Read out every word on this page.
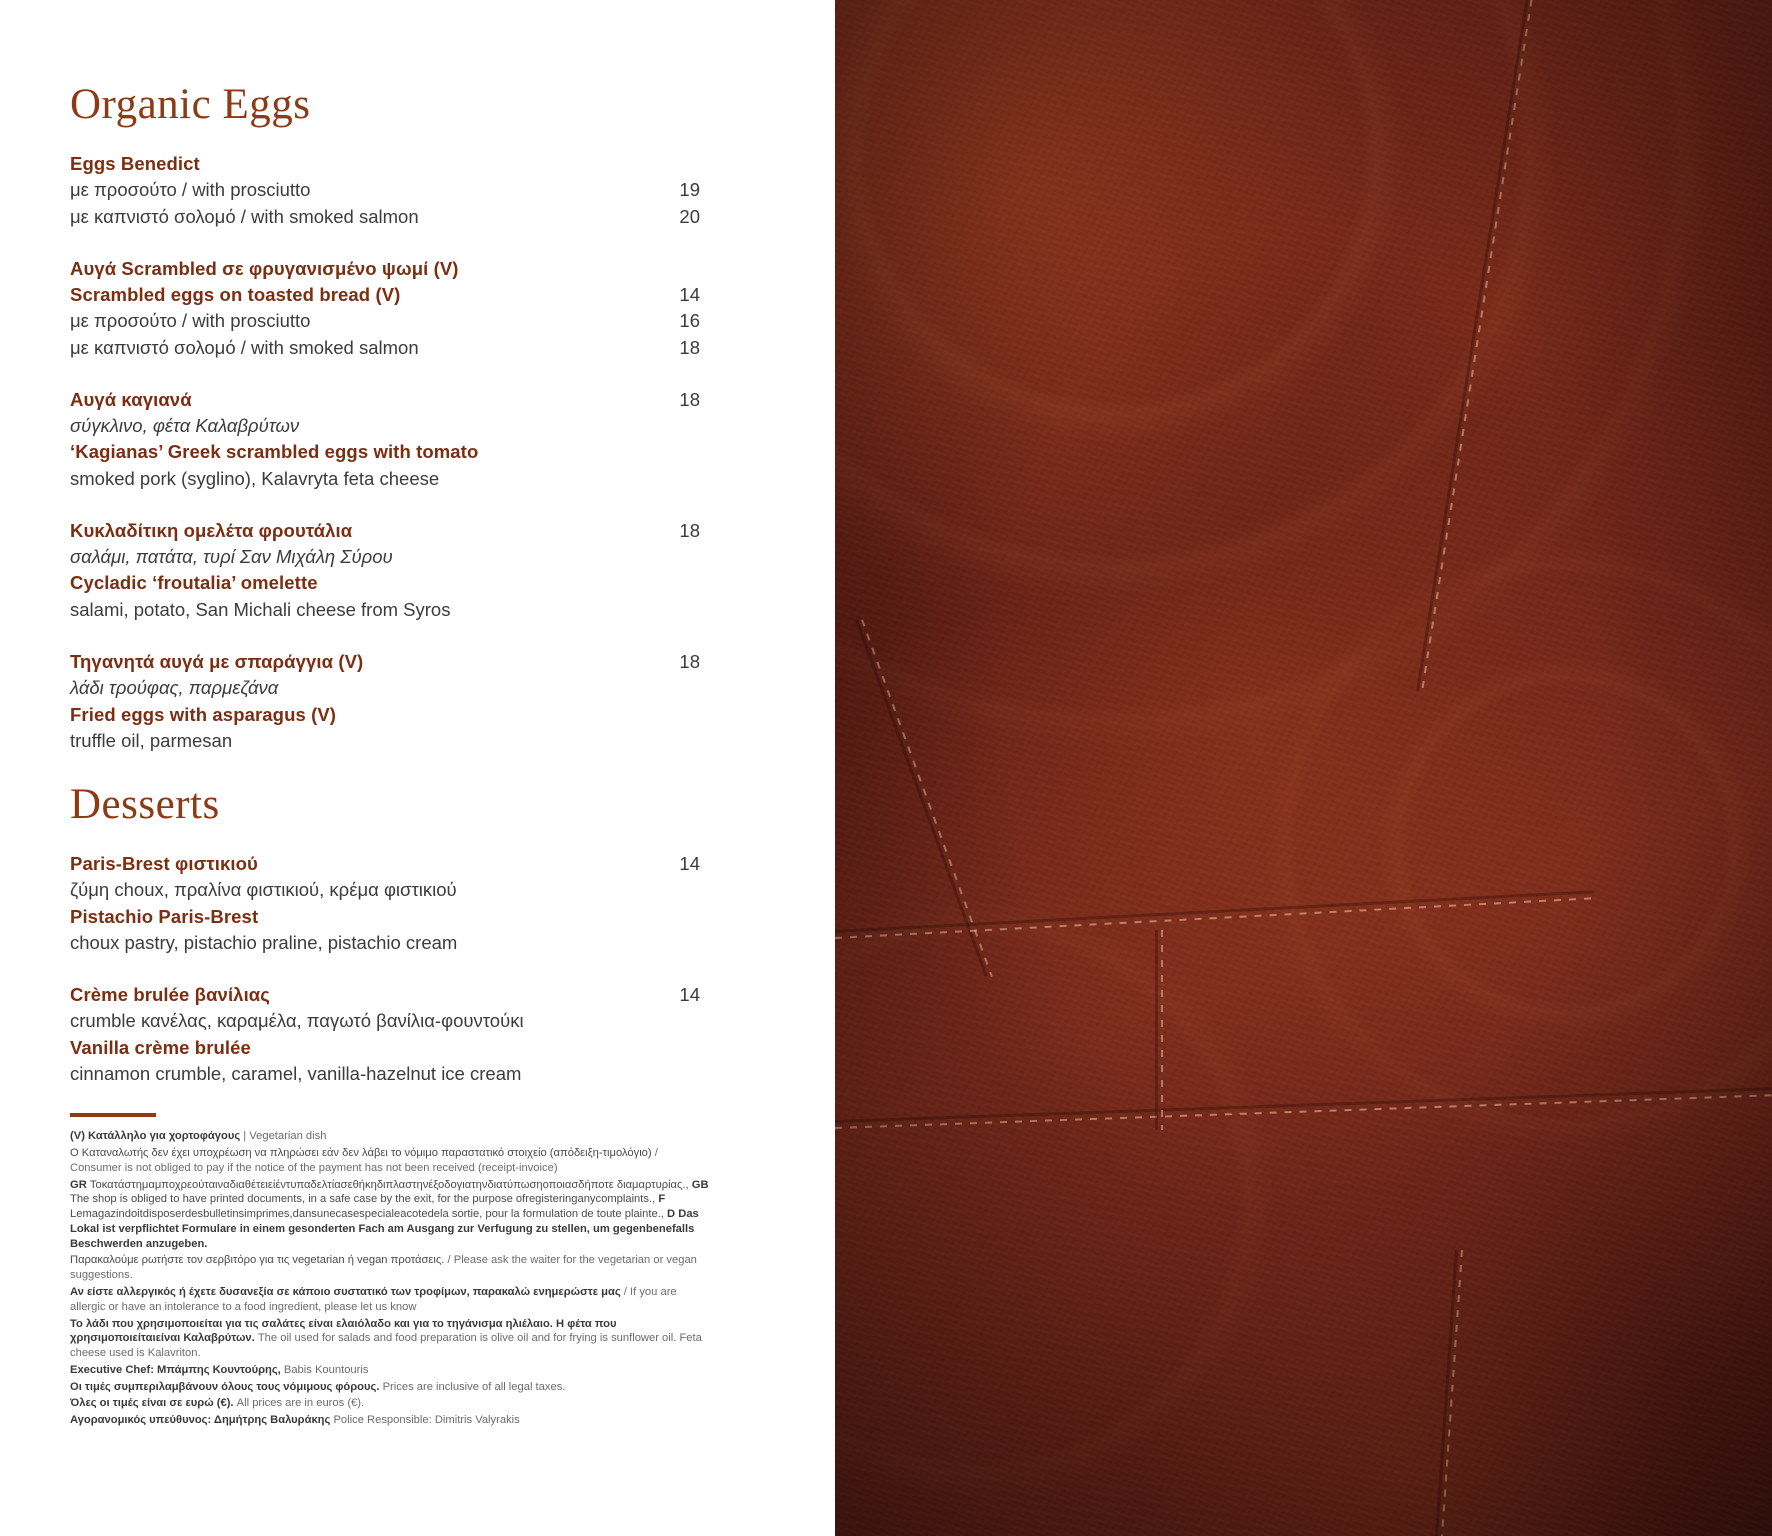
Organic Eggs
Eggs Benedict
με προσούτο / with prosciutto	19
με καπνιστό σολομό / with smoked salmon	20
Αυγά Scrambled σε φρυγανισμένο ψωμί (V)
Scrambled eggs on toasted bread (V)	14
με προσούτο / with prosciutto	16
με καπνιστό σολομό / with smoked salmon	18
Αυγά καγιανά	18
σύγκλινο, φέτα Καλαβρύτων
‘Kagianas’ Greek scrambled eggs with tomato
smoked pork (syglino), Kalavryta feta cheese
Κυκλαδίτικη ομελέτα φρουτάλια	18
σαλάμι, πατάτα, τυρί Σαν Μιχάλη Σύρου
Cycladic ‘froutalia’ omelette
salami, potato, San Michali cheese from Syros
Τηγανητά αυγά με σπαράγγια (V)	18
λάδι τρούφας, παρμεζάνα
Fried eggs with asparagus (V)
truffle oil, parmesan
Desserts
Paris-Brest φιστικιού	14
ζύμη choux, πραλίνα φιστικιού, κρέμα φιστικιού
Pistachio Paris-Brest
choux pastry, pistachio praline, pistachio cream
Crème brulée βανίλιας	14
crumble κανέλας, καραμέλα, παγωτό βανίλια-φουντούκι
Vanilla crème brulée
cinnamon crumble, caramel, vanilla-hazelnut ice cream

(V) Κατάλληλο για χορτοφάγους | Vegetarian dish

Ο Καταναλωτής δεν έχει υποχρέωση να πληρώσει εάν δεν λάβει το νόμιμο παραστατικό στοιχείο (απόδειξη-τιμολόγιο) / Consumer is not obliged to pay if the notice of the payment has not been received (receipt-invoice)

GR Τοκατάστημαμποχρεούταιναδιαθέτειεἰέντυπαδελτίασεθήκηδιπλαστηνέξοδογιατηνδιατύπωσηοποιασδήποτε διαμαρτυρίας., GB The shop is obliged to have printed documents, in a safe case by the exit, for the purpose ofregisteringanycomplaints., F Lemagazindoitdisposerdesbulletinsimprimes,dansunecasespecialeacotedela sortie, pour la formulation de toute plainte., D Das Lokal ist verpflichtet Formulare in einem gesonderten Fach am Ausgang zur Verfugung zu stellen, um gegenbenefalls Beschwerden anzugeben.

Παρακαλούμε ρωτήστε τον σερβιτόρο για τις vegetarian ή vegan προτάσεις. / Please ask the waiter for the vegetarian or vegan suggestions.

Αν είστε αλλεργικός ή έχετε δυσανεξία σε κάποιο συστατικό των τροφίμων, παρακαλώ ενημερώστε μας / If you are allergic or have an intolerance to a food ingredient, please let us know

Το λάδι που χρησιμοποιείται για τις σαλάτες είναι ελαιόλαδο και για το τηγάνισμα ηλιέλαιο. Η φέτα που χρησιμοποιείταιείναι Καλαβρύτων. The oil used for salads and food preparation is olive oil and for frying is sunflower oil. Feta cheese used is Kalavriton.

Executive Chef: Μπάμπης Κουντούρης, Babis Kountouris

Οι τιμές συμπεριλαμβάνουν όλους τους νόμιμους φόρους. Prices are inclusive of all legal taxes.

Όλες οι τιμές είναι σε ευρώ (€). All prices are in euros (€).

Αγορανομικός υπεύθυνος: Δημήτρης Βαλυράκης Police Responsible: Dimitris Valyrakis
